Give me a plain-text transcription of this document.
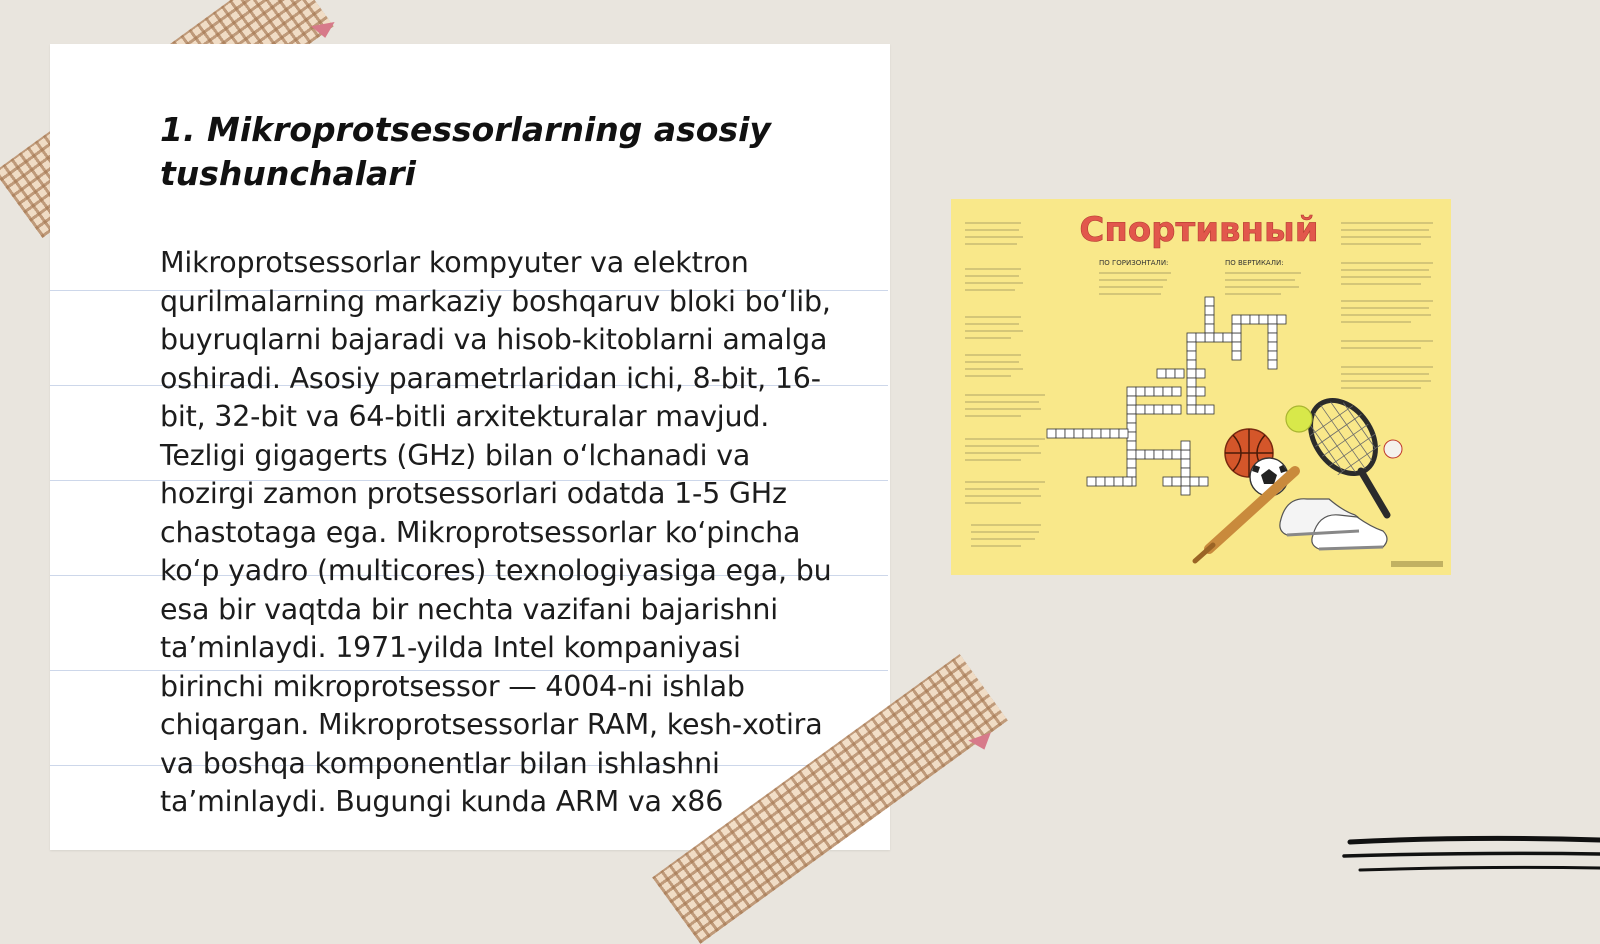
1. Mikroprotsessorlarning asosiy tushunchalari

Mikroprotsessorlar kompyuter va elektron qurilmalarning markaziy boshqaruv bloki bo‘lib, buyruqlarni bajaradi va hisob-kitoblarni amalga oshiradi. Asosiy parametrlaridan ichi, 8-bit, 16-bit, 32-bit va 64-bitli arxitekturalar mavjud. Tezligi gigagerts (GHz) bilan o‘lchanadi va hozirgi zamon protsessorlari odatda 1-5 GHz chastotaga ega. Mikroprotsessorlar ko‘pincha ko‘p yadro (multicores) texnologiyasiga ega, bu esa bir vaqtda bir nechta vazifani bajarishni ta’minlaydi. 1971-yilda Intel kompaniyasi birinchi mikroprotsessor — 4004-ni ishlab chiqargan. Mikroprotsessorlar RAM, kesh-xotira va boshqa komponentlar bilan ishlashni ta’minlaydi. Bugungi kunda ARM va x86

Спортивный
ПО ГОРИЗОНТАЛИ:	ПО ВЕРТИКАЛИ:
